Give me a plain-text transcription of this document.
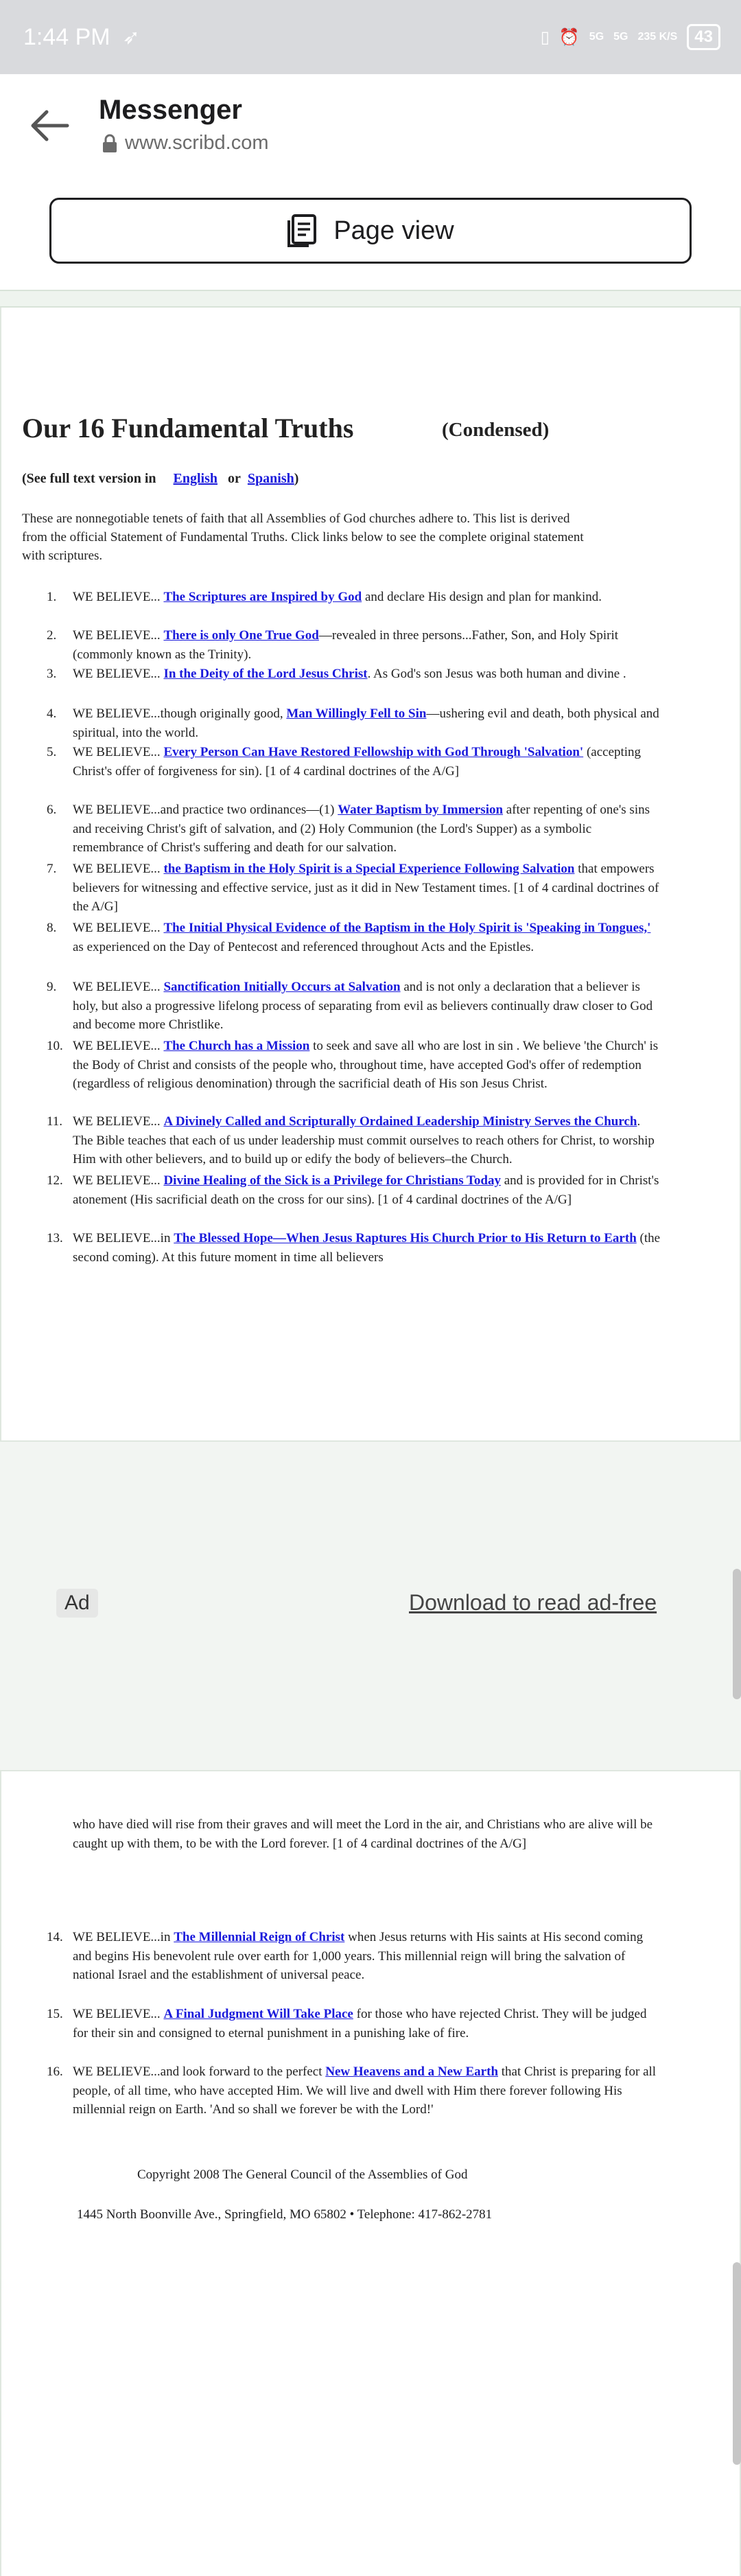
1:44 PM ➶	▯ ⏰ 5G 5G 235 K/S	43
Messenger
www.scribd.com
Page view
Our 16 Fundamental Truths	(Condensed)
(See full text version in English or Spanish)
These are nonnegotiable tenets of faith that all Assemblies of God churches adhere to. This list is derived from the official Statement of Fundamental Truths. Click links below to see the complete original statement with scriptures.
1. WE BELIEVE... The Scriptures are Inspired by God and declare His design and plan for mankind.
2. WE BELIEVE... There is only One True God—revealed in three persons...Father, Son, and Holy Spirit (commonly known as the Trinity).
3. WE BELIEVE... In the Deity of the Lord Jesus Christ. As God's son Jesus was both human and divine .
4. WE BELIEVE...though originally good, Man Willingly Fell to Sin—ushering evil and death, both physical and spiritual, into the world.
5. WE BELIEVE... Every Person Can Have Restored Fellowship with God Through 'Salvation' (accepting Christ's offer of forgiveness for sin). [1 of 4 cardinal doctrines of the A/G]
6. WE BELIEVE...and practice two ordinances—(1) Water Baptism by Immersion after repenting of one's sins and receiving Christ's gift of salvation, and (2) Holy Communion (the Lord's Supper) as a symbolic remembrance of Christ's suffering and death for our salvation.
7. WE BELIEVE... the Baptism in the Holy Spirit is a Special Experience Following Salvation that empowers believers for witnessing and effective service, just as it did in New Testament times. [1 of 4 cardinal doctrines of the A/G]
8. WE BELIEVE... The Initial Physical Evidence of the Baptism in the Holy Spirit is 'Speaking in Tongues,' as experienced on the Day of Pentecost and referenced throughout Acts and the Epistles.
9. WE BELIEVE... Sanctification Initially Occurs at Salvation and is not only a declaration that a believer is holy, but also a progressive lifelong process of separating from evil as believers continually draw closer to God and become more Christlike.
10. WE BELIEVE... The Church has a Mission to seek and save all who are lost in sin . We believe 'the Church' is the Body of Christ and consists of the people who, throughout time, have accepted God's offer of redemption (regardless of religious denomination) through the sacrificial death of His son Jesus Christ.
11. WE BELIEVE... A Divinely Called and Scripturally Ordained Leadership Ministry Serves the Church. The Bible teaches that each of us under leadership must commit ourselves to reach others for Christ, to worship Him with other believers, and to build up or edify the body of believers–the Church.
12. WE BELIEVE... Divine Healing of the Sick is a Privilege for Christians Today and is provided for in Christ's atonement (His sacrificial death on the cross for our sins). [1 of 4 cardinal doctrines of the A/G]
13. WE BELIEVE...in The Blessed Hope—When Jesus Raptures His Church Prior to His Return to Earth (the second coming). At this future moment in time all believers
Ad	Download to read ad-free
who have died will rise from their graves and will meet the Lord in the air, and Christians who are alive will be caught up with them, to be with the Lord forever. [1 of 4 cardinal doctrines of the A/G]
14. WE BELIEVE...in The Millennial Reign of Christ when Jesus returns with His saints at His second coming and begins His benevolent rule over earth for 1,000 years. This millennial reign will bring the salvation of national Israel and the establishment of universal peace.
15. WE BELIEVE... A Final Judgment Will Take Place for those who have rejected Christ. They will be judged for their sin and consigned to eternal punishment in a punishing lake of fire.
16. WE BELIEVE...and look forward to the perfect New Heavens and a New Earth that Christ is preparing for all people, of all time, who have accepted Him. We will live and dwell with Him there forever following His millennial reign on Earth. 'And so shall we forever be with the Lord!'
Copyright 2008 The General Council of the Assemblies of God
1445 North Boonville Ave., Springfield, MO 65802 • Telephone: 417-862-2781
